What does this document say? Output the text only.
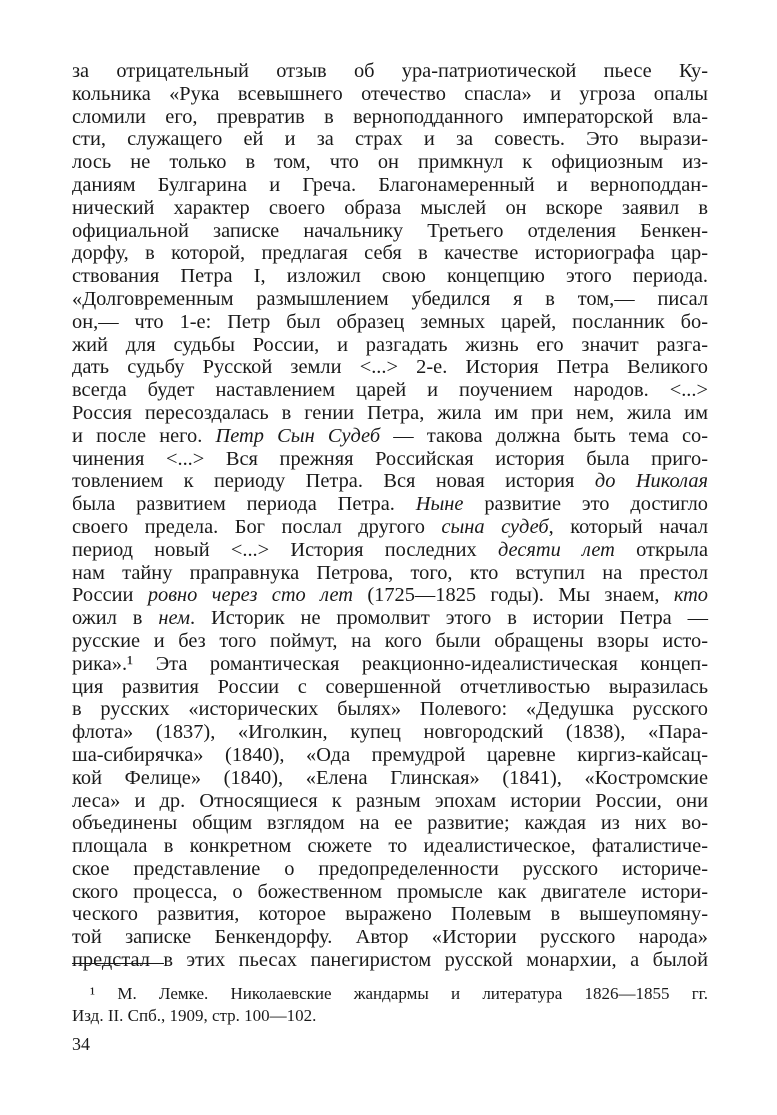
за отрицательный отзыв об ура-патриотической пьесе Ку-
кольника «Рука всевышнего отечество спасла» и угроза опалы
сломили его, превратив в верноподданного императорской вла-
сти, служащего ей и за страх и за совесть. Это вырази-
лось не только в том, что он примкнул к официозным из-
даниям Булгарина и Греча. Благонамеренный и верноподдан-
нический характер своего образа мыслей он вскоре заявил в
официальной записке начальнику Третьего отделения Бенкен-
дорфу, в которой, предлагая себя в качестве историографа цар-
ствования Петра I, изложил свою концепцию этого периода.
«Долговременным размышлением убедился я в том,— писал
он,— что 1-е: Петр был образец земных царей, посланник бо-
жий для судьбы России, и разгадать жизнь его значит разга-
дать судьбу Русской земли <...> 2-е. История Петра Великого
всегда будет наставлением царей и поучением народов. <...>
Россия пересоздалась в гении Петра, жила им при нем, жила им
и после него. Петр Сын Судеб — такова должна быть тема со-
чинения <...> Вся прежняя Российская история была приго-
товлением к периоду Петра. Вся новая история до Николая
была развитием периода Петра. Ныне развитие это достигло
своего предела. Бог послал другого сына судеб, который начал
период новый <...> История последних десяти лет открыла
нам тайну праправнука Петрова, того, кто вступил на престол
России ровно через сто лет (1725—1825 годы). Мы знаем, кто
ожил в нем. Историк не промолвит этого в истории Петра —
русские и без того поймут, на кого были обращены взоры исто-
рика».¹ Эта романтическая реакционно-идеалистическая концеп-
ция развития России с совершенной отчетливостью выразилась
в русских «исторических былях» Полевого: «Дедушка русского
флота» (1837), «Иголкин, купец новгородский (1838), «Пара-
ша-сибирячка» (1840), «Ода премудрой царевне киргиз-кайсац-
кой Фелице» (1840), «Елена Глинская» (1841), «Костромские
леса» и др. Относящиеся к разным эпохам истории России, они
объединены общим взглядом на ее развитие; каждая из них во-
площала в конкретном сюжете то идеалистическое, фаталистиче-
ское представление о предопределенности русского историче-
ского процесса, о божественном промысле как двигателе истори-
ческого развития, которое выражено Полевым в вышеупомяну-
той записке Бенкендорфу. Автор «Истории русского народа»
предстал в этих пьесах панегиристом русской монархии, а былой
¹ М. Лемке. Николаевские жандармы и литература 1826—1855 гг.
Изд. II. Спб., 1909, стр. 100—102.
34
